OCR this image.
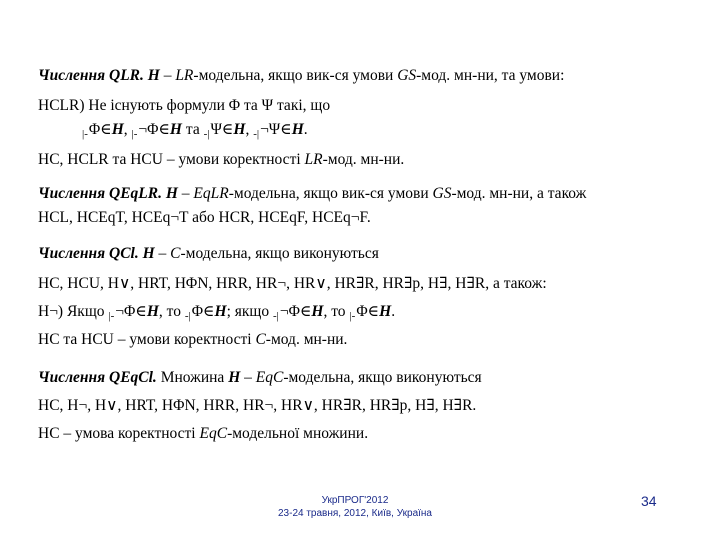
Числення QLR. H – LR-модельна, якщо вик-ся умови GS-мод. мн-ни, та умови:
HCLR) Не існують формули Φ та Ψ такі, що
|-Φ∈H, |-¬Φ∈H та -|Ψ∈H, -|¬Ψ∈H.
HC, HCLR та HCU – умови коректності LR-мод. мн-ни.
Числення QEqLR. H – EqLR-модельна, якщо вик-ся умови GS-мод. мн-ни, а також
HCL, HCEqT, HCEq¬T або HCR, HCEqF, HCEq¬F.
Числення QCl. H – C-модельна, якщо виконуються
HC, HCU, H∨, HRT, HΦN, HRR, HR¬, HR∨, HR∃R, HR∃p, H∃, H∃R, а також:
H¬) Якщо |-¬Φ∈H, то -|Φ∈H; якщо -|¬Φ∈H, то |-Φ∈H.
HC та HCU – умови коректності C-мод. мн-ни.
Числення QEqCl. Множина H – EqC-модельна, якщо виконуються
HC, H¬, H∨, HRT, HΦN, HRR, HR¬, HR∨, HR∃R, HR∃p, H∃, H∃R.
HC – умова коректності EqC-модельної множини.
УкрПРОГ'2012
23-24 травня, 2012, Київ, Україна
34
